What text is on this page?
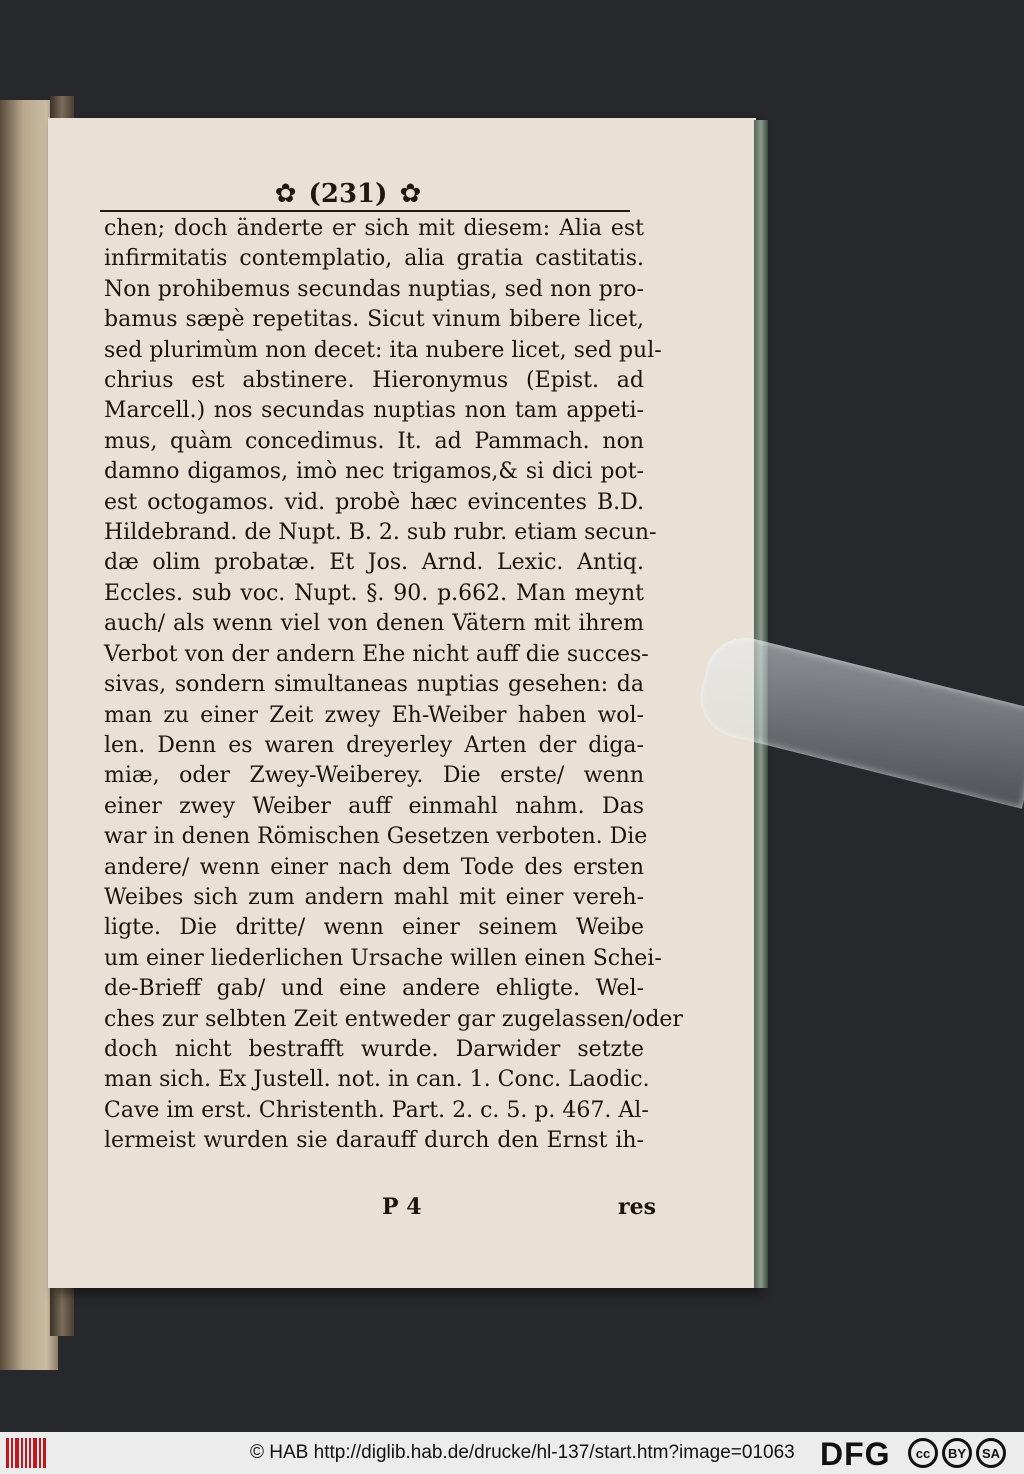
✿ (231) ✿
chen; doch änderte er sich mit diesem: Alia est
infirmitatis contemplatio, alia gratia castitatis.
Non prohibemus secundas nuptias, sed non pro-
bamus sæpè repetitas. Sicut vinum bibere licet,
sed plurimùm non decet: ita nubere licet, sed pul-
chrius est abstinere. Hieronymus (Epist. ad
Marcell.) nos secundas nuptias non tam appeti-
mus, quàm concedimus. It. ad Pammach. non
damno digamos, imò nec trigamos,& si dici pot-
est octogamos. vid. probè hæc evincentes B.D.
Hildebrand. de Nupt. B. 2. sub rubr. etiam secun-
dæ olim probatæ. Et Jos. Arnd. Lexic. Antiq.
Eccles. sub voc. Nupt. §. 90. p.662. Man meynt
auch/ als wenn viel von denen Vätern mit ihrem
Verbot von der andern Ehe nicht auff die succes-
sivas, sondern simultaneas nuptias gesehen: da
man zu einer Zeit zwey Eh-Weiber haben wol-
len. Denn es waren dreyerley Arten der diga-
miæ, oder Zwey-Weiberey. Die erste/ wenn
einer zwey Weiber auff einmahl nahm. Das
war in denen Römischen Gesetzen verboten. Die
andere/ wenn einer nach dem Tode des ersten
Weibes sich zum andern mahl mit einer vereh-
ligte. Die dritte/ wenn einer seinem Weibe
um einer liederlichen Ursache willen einen Schei-
de-Brieff gab/ und eine andere ehligte. Wel-
ches zur selbten Zeit entweder gar zugelassen/oder
doch nicht bestrafft wurde. Darwider setzte
man sich. Ex Justell. not. in can. 1. Conc. Laodic.
Cave im erst. Christenth. Part. 2. c. 5. p. 467. Al-
lermeist wurden sie darauff durch den Ernst ih-
P 4	res
© HAB http://diglib.hab.de/drucke/hl-137/start.htm?image=01063 DFG	cc	BY	SA
